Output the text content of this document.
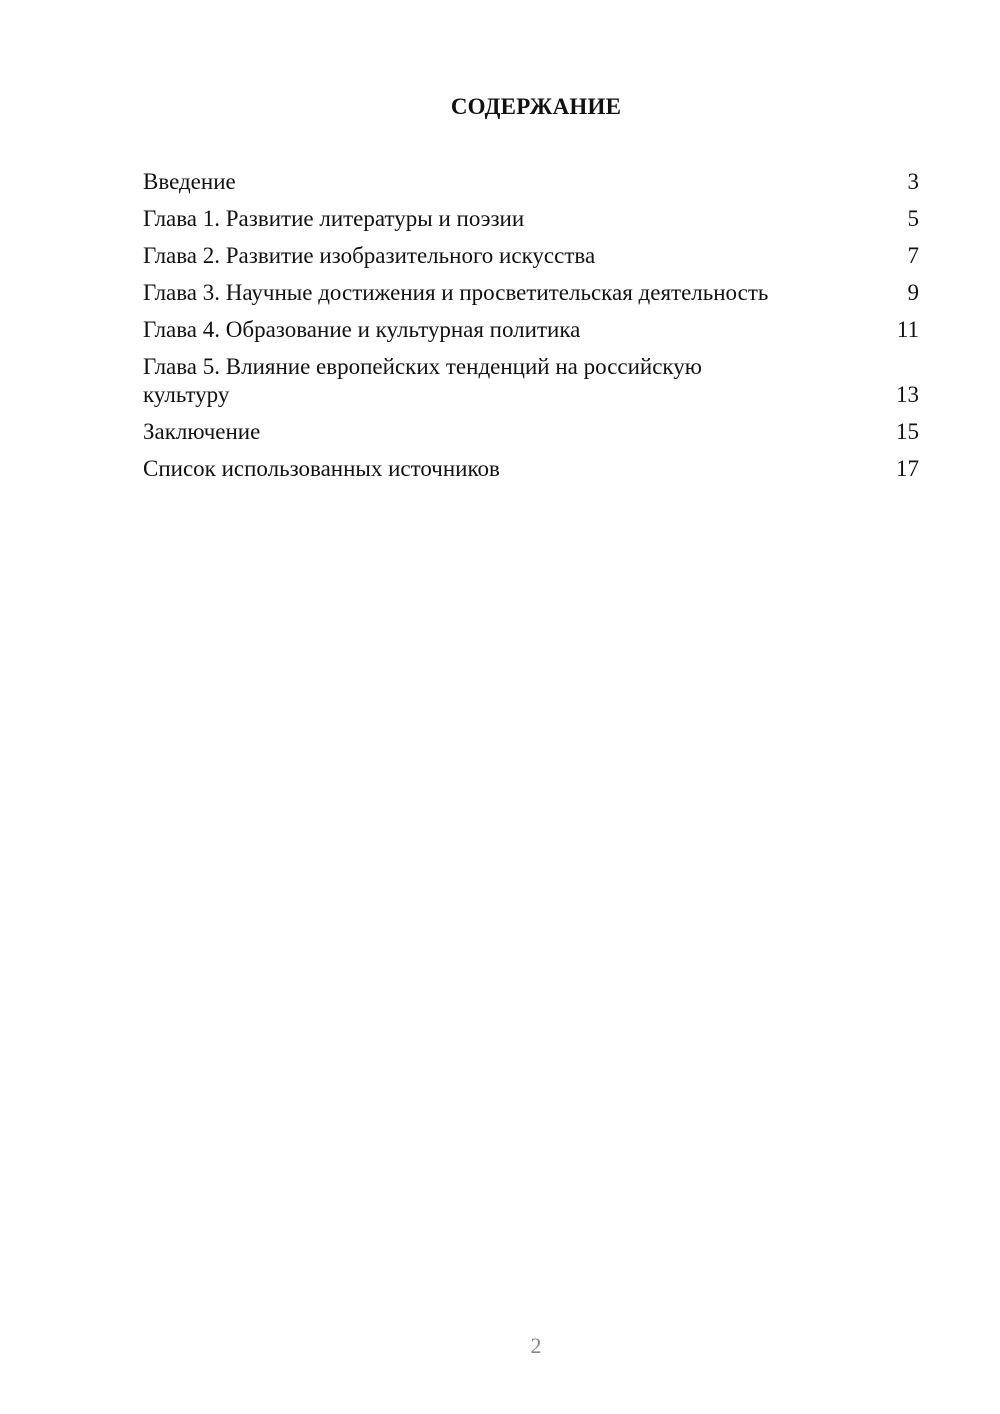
СОДЕРЖАНИЕ
Введение	3
Глава 1. Развитие литературы и поэзии	5
Глава 2. Развитие изобразительного искусства	7
Глава 3. Научные достижения и просветительская деятельность	9
Глава 4. Образование и культурная политика	11
Глава 5. Влияние европейских тенденций на российскую культуру	13
Заключение	15
Список использованных источников	17
2
